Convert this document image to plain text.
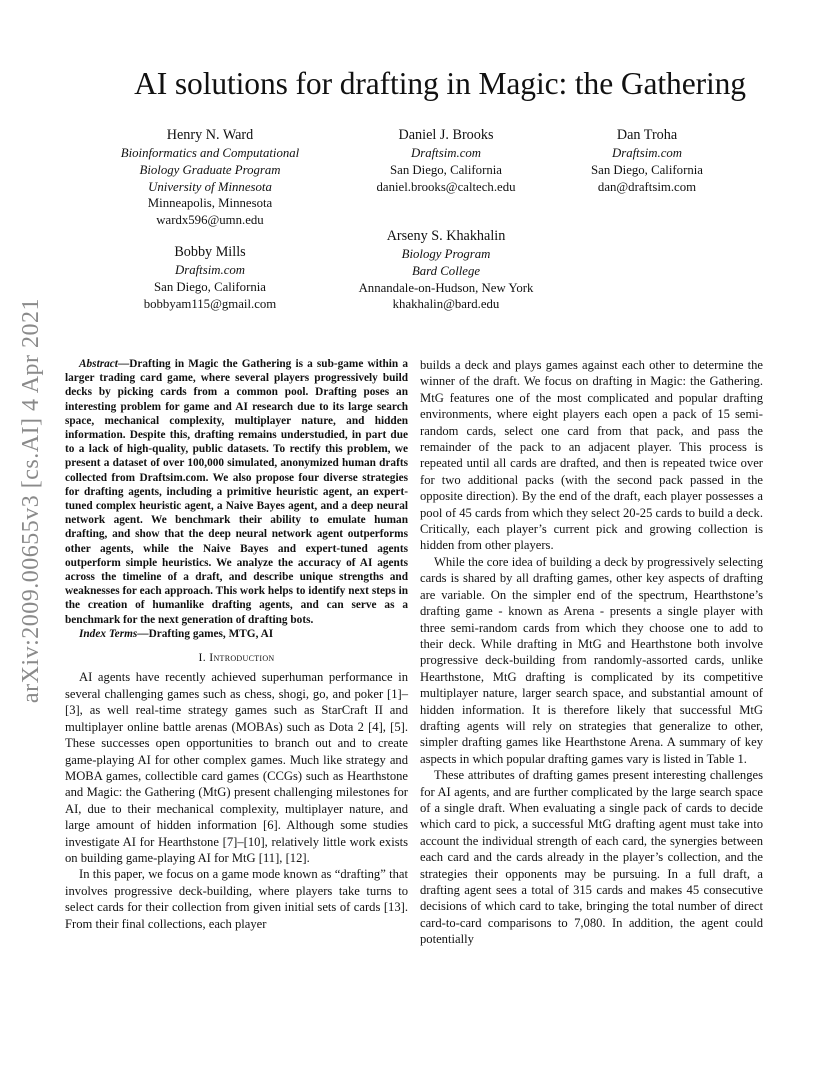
arXiv:2009.00655v3 [cs.AI] 4 Apr 2021
AI solutions for drafting in Magic: the Gathering
Henry N. Ward
Bioinformatics and Computational
Biology Graduate Program
University of Minnesota
Minneapolis, Minnesota
wardx596@umn.edu
Daniel J. Brooks
Draftsim.com
San Diego, California
daniel.brooks@caltech.edu
Dan Troha
Draftsim.com
San Diego, California
dan@draftsim.com
Bobby Mills
Draftsim.com
San Diego, California
bobbyam115@gmail.com
Arseny S. Khakhalin
Biology Program
Bard College
Annandale-on-Hudson, New York
khakhalin@bard.edu

Abstract—Drafting in Magic the Gathering is a sub-game within a larger trading card game, where several players progressively build decks by picking cards from a common pool. Drafting poses an interesting problem for game and AI research due to its large search space, mechanical complexity, multiplayer nature, and hidden information. Despite this, drafting remains understudied, in part due to a lack of high-quality, public datasets. To rectify this problem, we present a dataset of over 100,000 simulated, anonymized human drafts collected from Draftsim.com. We also propose four diverse strategies for drafting agents, including a primitive heuristic agent, an expert-tuned complex heuristic agent, a Naive Bayes agent, and a deep neural network agent. We benchmark their ability to emulate human drafting, and show that the deep neural network agent outperforms other agents, while the Naive Bayes and expert-tuned agents outperform simple heuristics. We analyze the accuracy of AI agents across the timeline of a draft, and describe unique strengths and weaknesses for each approach. This work helps to identify next steps in the creation of humanlike drafting agents, and can serve as a benchmark for the next generation of drafting bots.

Index Terms—Drafting games, MTG, AI

I. Introduction

AI agents have recently achieved superhuman performance in several challenging games such as chess, shogi, go, and poker [1]–[3], as well real-time strategy games such as StarCraft II and multiplayer online battle arenas (MOBAs) such as Dota 2 [4], [5]. These successes open opportunities to branch out and to create game-playing AI for other complex games. Much like strategy and MOBA games, collectible card games (CCGs) such as Hearthstone and Magic: the Gathering (MtG) present challenging milestones for AI, due to their mechanical complexity, multiplayer nature, and large amount of hidden information [6]. Although some studies investigate AI for Hearthstone [7]–[10], relatively little work exists on building game-playing AI for MtG [11], [12].

In this paper, we focus on a game mode known as “drafting” that involves progressive deck-building, where players take turns to select cards for their collection from given initial sets of cards [13]. From their final collections, each player

builds a deck and plays games against each other to determine the winner of the draft. We focus on drafting in Magic: the Gathering. MtG features one of the most complicated and popular drafting environments, where eight players each open a pack of 15 semi-random cards, select one card from that pack, and pass the remainder of the pack to an adjacent player. This process is repeated until all cards are drafted, and then is repeated twice over for two additional packs (with the second pack passed in the opposite direction). By the end of the draft, each player possesses a pool of 45 cards from which they select 20-25 cards to build a deck. Critically, each player’s current pick and growing collection is hidden from other players.

While the core idea of building a deck by progressively selecting cards is shared by all drafting games, other key aspects of drafting are variable. On the simpler end of the spectrum, Hearthstone’s drafting game - known as Arena - presents a single player with three semi-random cards from which they choose one to add to their deck. While drafting in MtG and Hearthstone both involve progressive deck-building from randomly-assorted cards, unlike Hearthstone, MtG drafting is complicated by its competitive multiplayer nature, larger search space, and substantial amount of hidden information. It is therefore likely that successful MtG drafting agents will rely on strategies that generalize to other, simpler drafting games like Hearthstone Arena. A summary of key aspects in which popular drafting games vary is listed in Table 1.

These attributes of drafting games present interesting challenges for AI agents, and are further complicated by the large search space of a single draft. When evaluating a single pack of cards to decide which card to pick, a successful MtG drafting agent must take into account the individual strength of each card, the synergies between each card and the cards already in the player’s collection, and the strategies their opponents may be pursuing. In a full draft, a drafting agent sees a total of 315 cards and makes 45 consecutive decisions of which card to take, bringing the total number of direct card-to-card comparisons to 7,080. In addition, the agent could potentially
